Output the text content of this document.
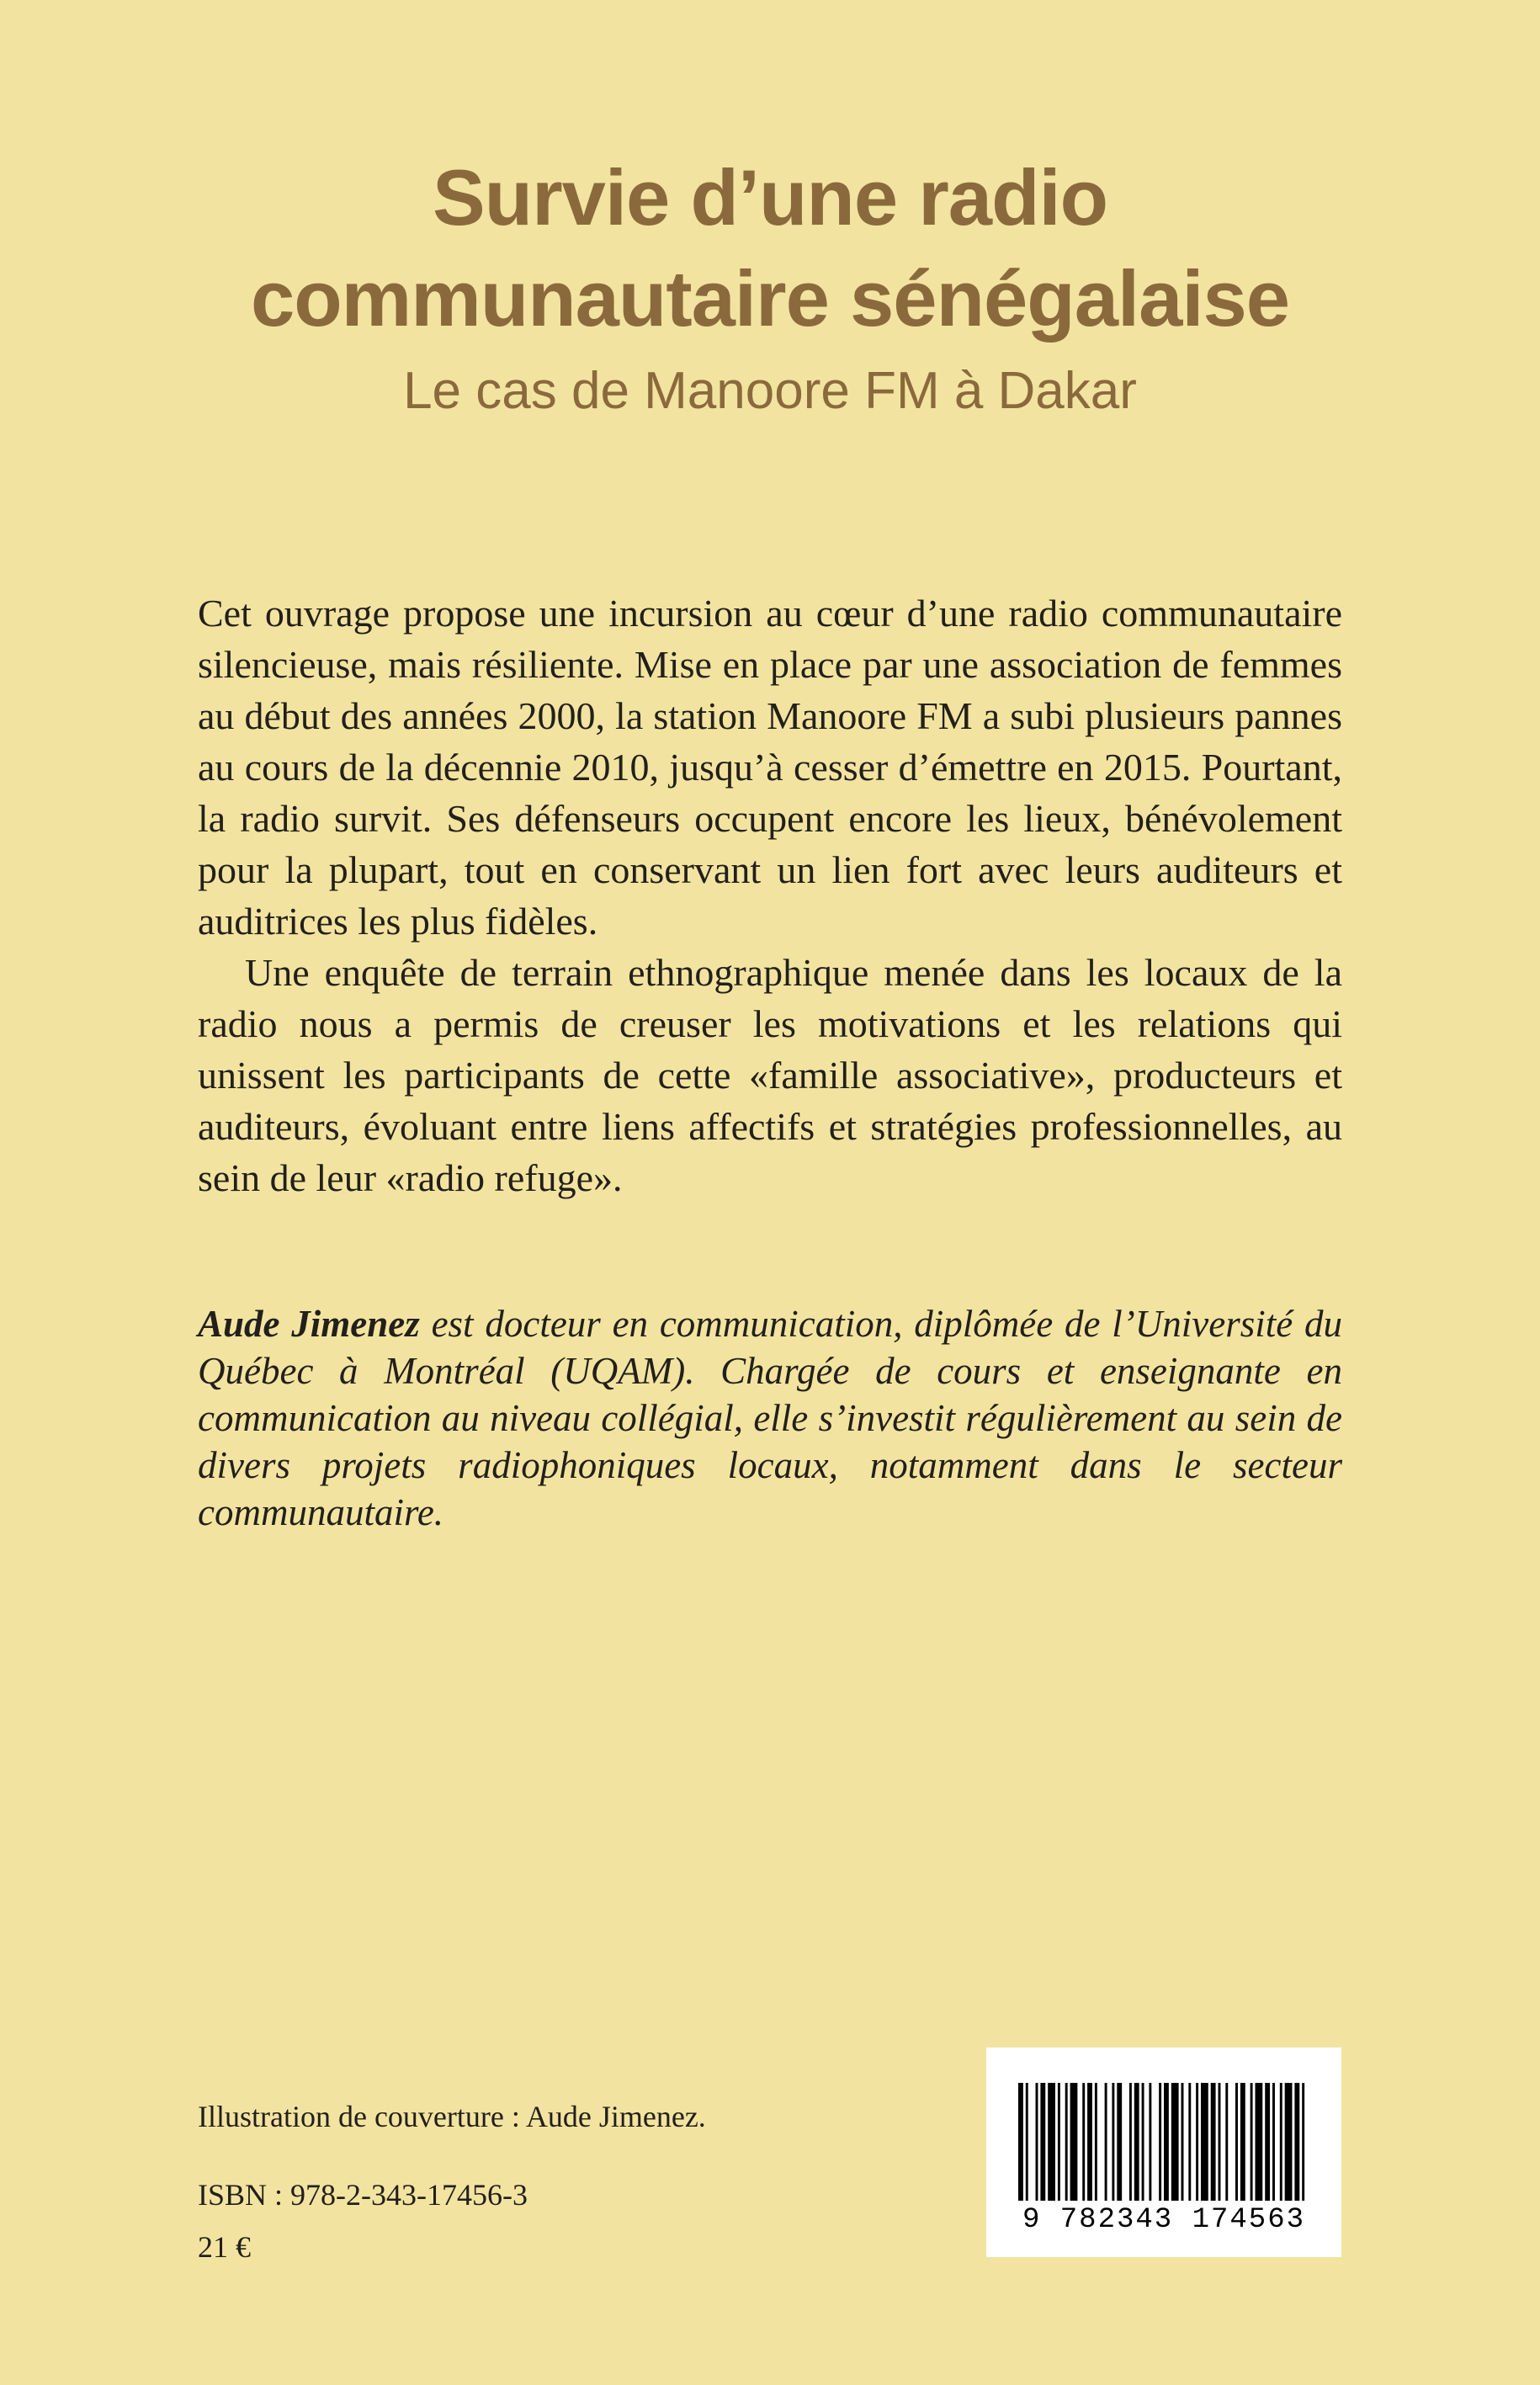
Survie d’une radio
communautaire sénégalaise
Le cas de Manoore FM à Dakar

Cet ouvrage propose une incursion au cœur d’une radio communautaire silencieuse, mais résiliente. Mise en place par une association de femmes au début des années 2000, la station Manoore FM a subi plusieurs pannes au cours de la décennie 2010, jusqu’à cesser d’émettre en 2015. Pourtant, la radio survit. Ses défenseurs occupent encore les lieux, bénévolement pour la plupart, tout en conservant un lien fort avec leurs auditeurs et auditrices les plus fidèles.

Une enquête de terrain ethnographique menée dans les locaux de la radio nous a permis de creuser les motivations et les relations qui unissent les participants de cette «famille associative», producteurs et auditeurs, évoluant entre liens affectifs et stratégies professionnelles, au sein de leur «radio refuge».

Aude Jimenez est docteur en communication, diplômée de l’Université du Québec à Montréal (UQAM). Chargée de cours et enseignante en communication au niveau collégial, elle s’investit régulièrement au sein de divers projets radiophoniques locaux, notamment dans le secteur communautaire.
Illustration de couverture : Aude Jimenez.
ISBN : 978-2-343-17456-3
21 €
9 782343 174563
